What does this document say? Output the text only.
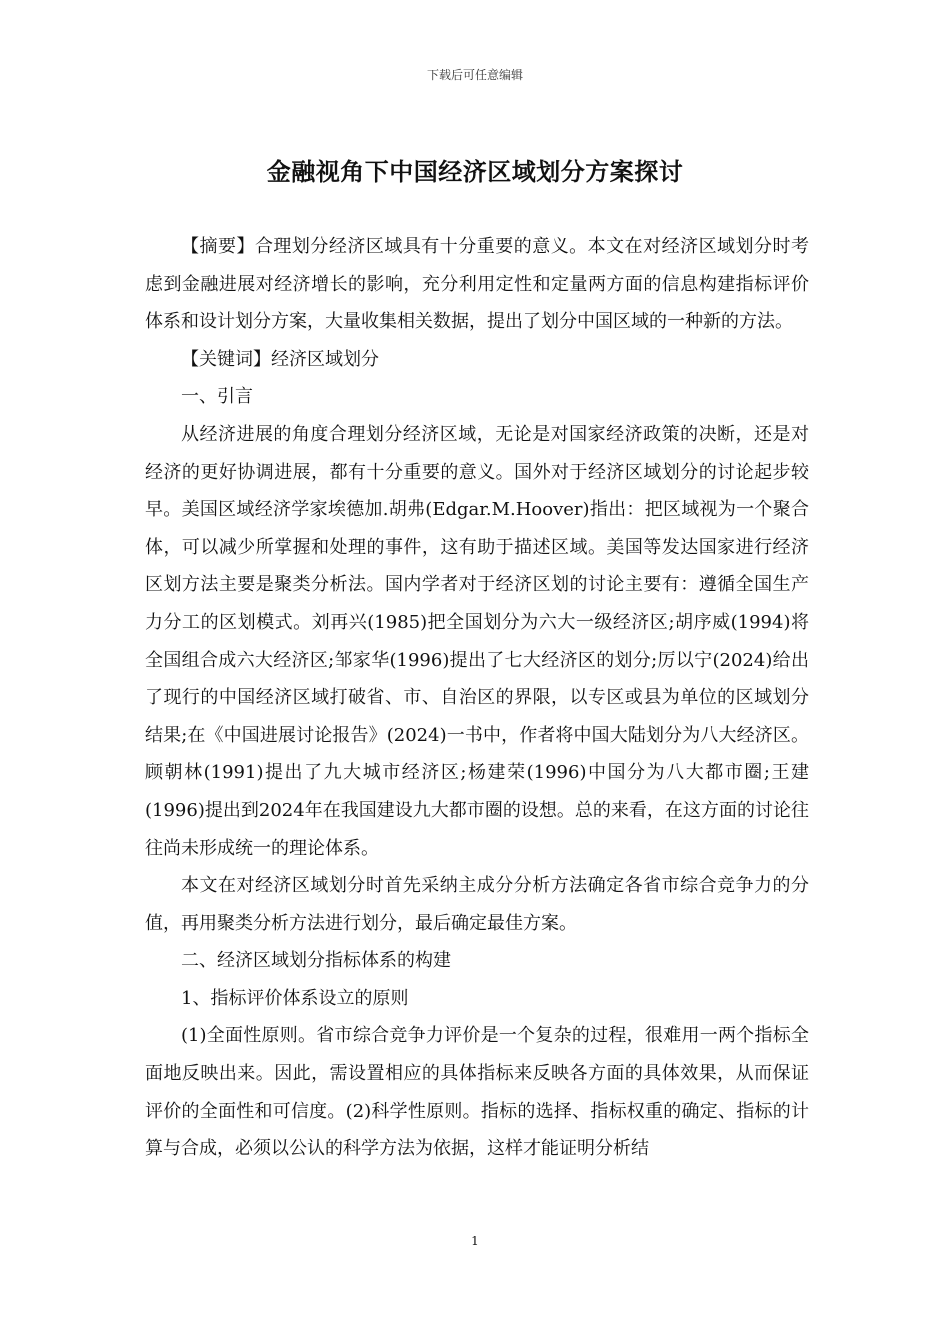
下载后可任意编辑
金融视角下中国经济区域划分方案探讨

【摘要】合理划分经济区域具有十分重要的意义。本文在对经济区域划分时考虑到金融进展对经济增长的影响，充分利用定性和定量两方面的信息构建指标评价体系和设计划分方案，大量收集相关数据，提出了划分中国区域的一种新的方法。

【关键词】经济区域划分

一、引言

从经济进展的角度合理划分经济区域，无论是对国家经济政策的决断，还是对经济的更好协调进展，都有十分重要的意义。国外对于经济区域划分的讨论起步较早。美国区域经济学家埃德加.胡弗(Edgar.M.Hoover)指出：把区域视为一个聚合体，可以减少所掌握和处理的事件，这有助于描述区域。美国等发达国家进行经济区划方法主要是聚类分析法。国内学者对于经济区划的讨论主要有：遵循全国生产力分工的区划模式。刘再兴(1985)把全国划分为六大一级经济区;胡序威(1994)将全国组合成六大经济区;邹家华(1996)提出了七大经济区的划分;厉以宁(2024)给出了现行的中国经济区域打破省、市、自治区的界限，以专区或县为单位的区域划分结果;在《中国进展讨论报告》(2024)一书中，作者将中国大陆划分为八大经济区。顾朝林(1991)提出了九大城市经济区;杨建荣(1996)中国分为八大都市圈;王建(1996)提出到2024年在我国建设九大都市圈的设想。总的来看，在这方面的讨论往往尚未形成统一的理论体系。

本文在对经济区域划分时首先采纳主成分分析方法确定各省市综合竞争力的分值，再用聚类分析方法进行划分，最后确定最佳方案。

二、经济区域划分指标体系的构建

1、指标评价体系设立的原则

(1)全面性原则。省市综合竞争力评价是一个复杂的过程，很难用一两个指标全面地反映出来。因此，需设置相应的具体指标来反映各方面的具体效果，从而保证评价的全面性和可信度。(2)科学性原则。指标的选择、指标权重的确定、指标的计算与合成，必须以公认的科学方法为依据，这样才能证明分析结

1
